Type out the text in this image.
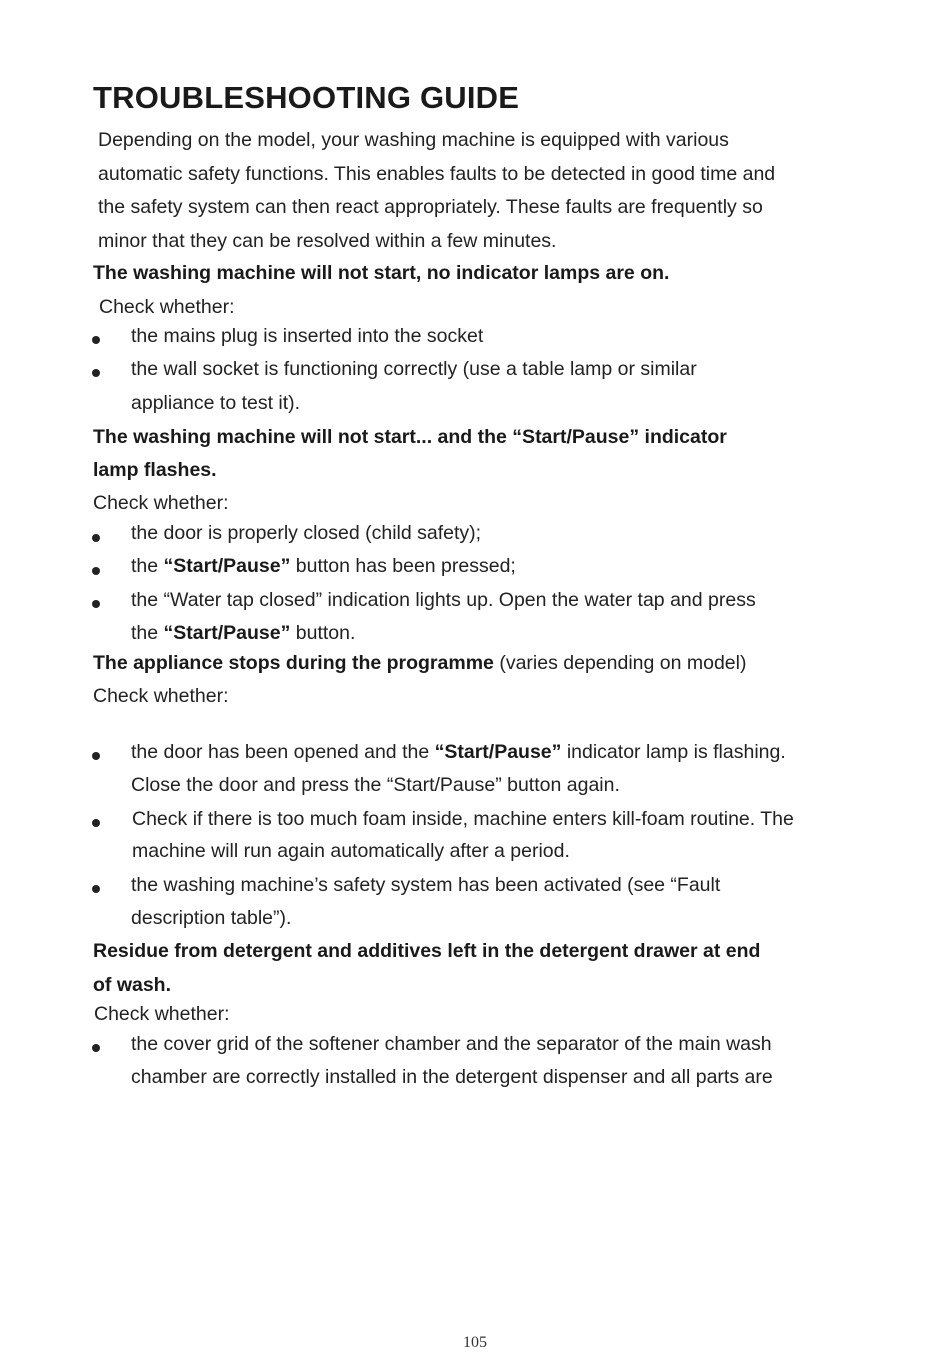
TROUBLESHOOTING GUIDE
Depending on the model, your washing machine is equipped with various
automatic safety functions. This enables faults to be detected in good time and
the safety system can then react appropriately. These faults are frequently so
minor that they can be resolved within a few minutes.
The washing machine will not start, no indicator lamps are on.
Check whether:
the mains plug is inserted into the socket
the wall socket is functioning correctly (use a table lamp or similar
appliance to test it).
The washing machine will not start... and the “Start/Pause” indicator
lamp flashes.
Check whether:
the door is properly closed (child safety);
the “Start/Pause” button has been pressed;
the “Water tap closed” indication lights up. Open the water tap and press
the “Start/Pause” button.
The appliance stops during the programme (varies depending on model)
Check whether:
the door has been opened and the “Start/Pause” indicator lamp is flashing.
Close the door and press the “Start/Pause” button again.
Check if there is too much foam inside, machine enters kill-foam routine. The
machine will run again automatically after a period.
the washing machine’s safety system has been activated (see “Fault
description table”).
Residue from detergent and additives left in the detergent drawer at end
of wash.
Check whether:
the cover grid of the softener chamber and the separator of the main wash
chamber are correctly installed in the detergent dispenser and all parts are
105
